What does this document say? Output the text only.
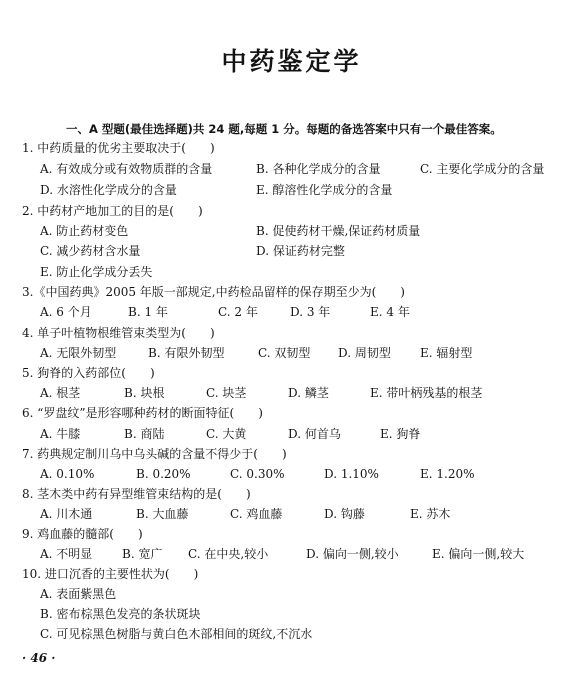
中药鉴定学
一、A 型题(最佳选择题)共 24 题,每题 1 分。每题的备选答案中只有一个最佳答案。
1. 中药质量的优劣主要取决于(　　)
A. 有效成分或有效物质群的含量	B. 各种化学成分的含量	C. 主要化学成分的含量
D. 水溶性化学成分的含量	E. 醇溶性化学成分的含量
2. 中药材产地加工的目的是(　　)
A. 防止药材变色	B. 促使药材干燥,保证药材质量
C. 减少药材含水量	D. 保证药材完整
E. 防止化学成分丢失
3.《中国药典》2005 年版一部规定,中药检品留样的保存期至少为(　　)
A. 6 个月	B. 1 年	C. 2 年	D. 3 年	E. 4 年
4. 单子叶植物根维管束类型为(　　)
A. 无限外韧型	B. 有限外韧型	C. 双韧型 D. 周韧型 E. 辐射型
5. 狗脊的入药部位(　　)
A. 根茎	B. 块根	C. 块茎	D. 鳞茎	E. 带叶柄残基的根茎
6. “罗盘纹”是形容哪种药材的断面特征(　　)
A. 牛膝	B. 商陆	C. 大黄	D. 何首乌	E. 狗脊
7. 药典规定制川乌中乌头碱的含量不得少于(　　)
A. 0.10%	B. 0.20%	C. 0.30%	D. 1.10%	E. 1.20%
8. 茎木类中药有异型维管束结构的是(　　)
A. 川木通	B. 大血藤	C. 鸡血藤	D. 钩藤	E. 苏木
9. 鸡血藤的髓部(　　)
A. 不明显 B. 宽广 C. 在中央,较小	D. 偏向一侧,较小	E. 偏向一侧,较大
10. 进口沉香的主要性状为(　　)
A. 表面紫黑色
B. 密布棕黑色发亮的条状斑块
C. 可见棕黑色树脂与黄白色木部相间的斑纹,不沉水
· 46 ·
